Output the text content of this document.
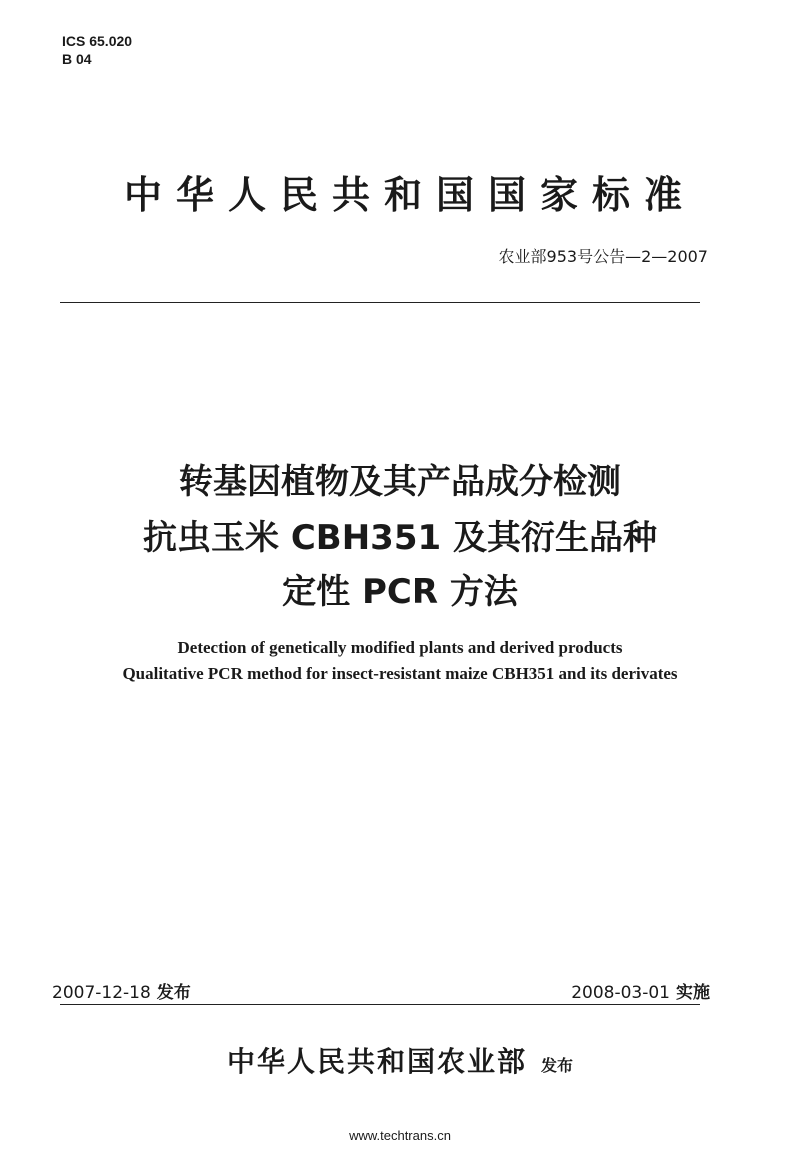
ICS 65.020
B 04
中华人民共和国国家标准
农业部953号公告—2—2007
转基因植物及其产品成分检测
抗虫玉米 CBH351 及其衍生品种
定性 PCR 方法
Detection of genetically modified plants and derived products
Qualitative PCR method for insect-resistant maize CBH351 and its derivates
2007-12-18 发布	2008-03-01 实施
中华人民共和国农业部 发布
www.techtrans.cn
